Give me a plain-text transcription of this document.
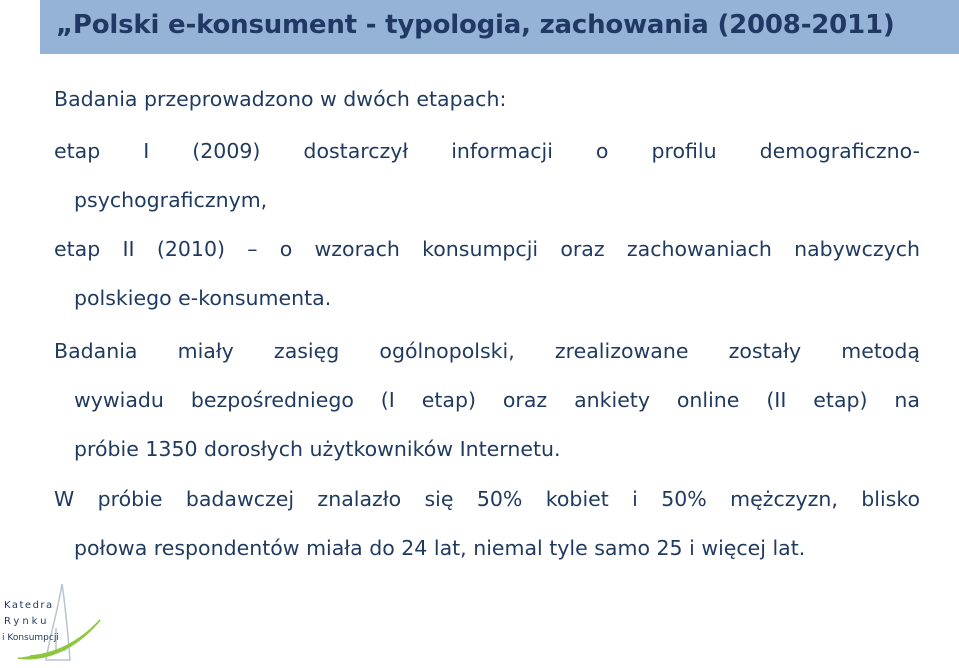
„Polski e-konsument - typologia, zachowania (2008-2011)
Badania przeprowadzono w dwóch etapach:
etap I (2009) dostarczył informacji o profilu demograficzno-
psychograficznym,
etap II (2010) – o wzorach konsumpcji oraz zachowaniach nabywczych
polskiego e-konsumenta.
Badania miały zasięg ogólnopolski, zrealizowane zostały metodą
wywiadu bezpośredniego (I etap) oraz ankiety online (II etap) na
próbie 1350 dorosłych użytkowników Internetu.
W próbie badawczej znalazło się 50% kobiet i 50% mężczyzn, blisko
połowa respondentów miała do 24 lat, niemal tyle samo 25 i więcej lat.
Katedra
Rynku
i Konsumpcji
